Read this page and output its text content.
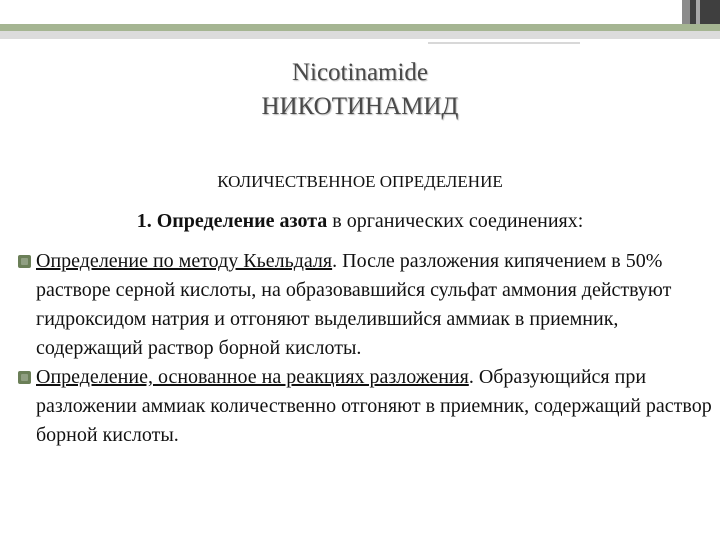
Nicotinamide
НИКОТИНАМИД
КОЛИЧЕСТВЕННОЕ ОПРЕДЕЛЕНИЕ
1. Определение азота в органических соединениях:
Определение по методу Кьельдаля. После разложения кипячением в 50% растворе серной кислоты, на образовавшийся сульфат аммония действуют гидроксидом натрия и отгоняют выделившийся аммиак в приемник, содержащий раствор борной кислоты.
Определение, основанное на реакциях разложения. Образующийся при разложении аммиак количественно отгоняют в приемник, содержащий раствор борной кислоты.
